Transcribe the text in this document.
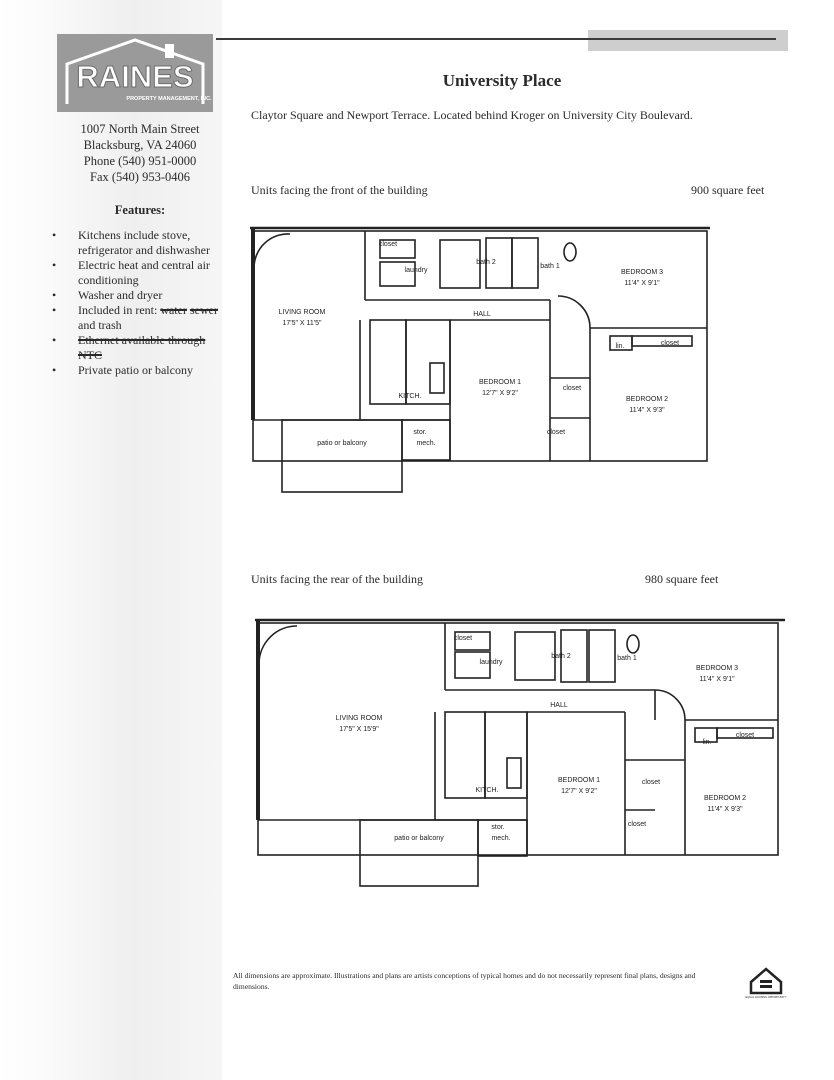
RAINES
PROPERTY MANAGEMENT, INC.
1007 North Main Street
Blacksburg, VA 24060
Phone (540) 951-0000
Fax (540) 953-0406
Features:
• Kitchens include stove, refrigerator and dishwasher
• Electric heat and central air conditioning
• Washer and dryer
• Included in rent: water sewer and trash
• Ethernet available through NTC
• Private patio or balcony
University Place
Claytor Square and Newport Terrace. Located behind Kroger on University City Boulevard.
Units facing the front of the building	900 square feet
LIVING ROOM
17'5" X 11'5"
BEDROOM 1
12'7" X 9'2"
BEDROOM 2
11'4" X 9'3"
BEDROOM 3
11'4" X 9'1"
KITCH.
HALL
bath 1
bath 2
laundry
closet
closet
closet
closet
lin.
patio or balcony
stor.
mech.
Units facing the rear of the building	980 square feet
LIVING ROOM
17'5" X 15'9"
BEDROOM 1
12'7" X 9'2"
BEDROOM 2
11'4" X 9'3"
BEDROOM 3
11'4" X 9'1"
KITCH.
HALL
bath 1
bath 2
laundry
closet
closet
closet
closet
lin.
patio or balcony
stor.
mech.
All dimensions are approximate. Illustrations and plans are artists conceptions of typical homes and do not necessarily represent final plans, designs and dimensions.
EQUAL HOUSING OPPORTUNITY
